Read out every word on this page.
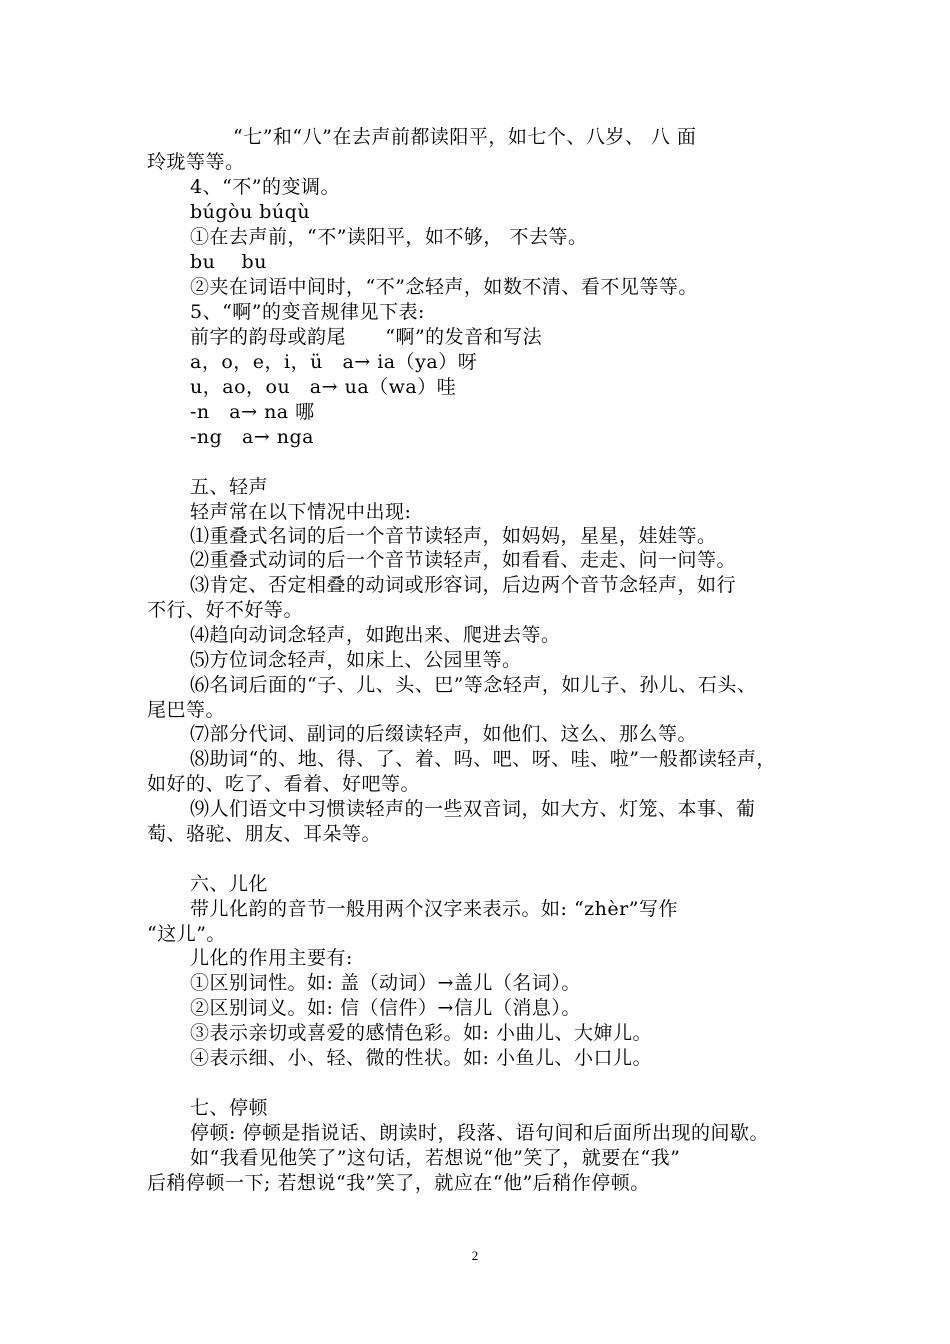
“七”和“八”在去声前都读阳平，如七个、八岁、 八 面
玲珑等等。
4、“不”的变调。
búgòu búqù
①在去声前，“不”读阳平，如不够， 不去等。
bu    bu
②夹在词语中间时，“不”念轻声，如数不清、看不见等等。
5、“啊”的变音规律见下表:
前字的韵母或韵尾      “啊”的发音和写法
a，o，e，i，ü   a→ ia（ya）呀
u，ao，ou   a→ ua（wa）哇
-n   a→ na 哪
-ng   a→ nga
五、轻声
轻声常在以下情况中出现:
⑴重叠式名词的后一个音节读轻声，如妈妈，星星，娃娃等。
⑵重叠式动词的后一个音节读轻声，如看看、走走、问一问等。
⑶肯定、否定相叠的动词或形容词，后边两个音节念轻声，如行
不行、好不好等。
⑷趋向动词念轻声，如跑出来、爬进去等。
⑸方位词念轻声，如床上、公园里等。
⑹名词后面的“子、儿、头、巴”等念轻声，如儿子、孙儿、石头、
尾巴等。
⑺部分代词、副词的后缀读轻声，如他们、这么、那么等。
⑻助词“的、地、得、了、着、吗、吧、呀、哇、啦”一般都读轻声，
如好的、吃了、看着、好吧等。
⑼人们语文中习惯读轻声的一些双音词，如大方、灯笼、本事、葡
萄、骆驼、朋友、耳朵等。
六、儿化
带儿化韵的音节一般用两个汉字来表示。如: “zhèr”写作
“这儿”。
儿化的作用主要有:
①区别词性。如: 盖（动词）→盖儿（名词）。
②区别词义。如: 信（信件）→信儿（消息）。
③表示亲切或喜爱的感情色彩。如: 小曲儿、大婶儿。
④表示细、小、轻、微的性状。如: 小鱼儿、小口儿。
七、停顿
停顿: 停顿是指说话、朗读时，段落、语句间和后面所出现的间歇。
如“我看见他笑了”这句话，若想说“他”笑了，就要在“我”
后稍停顿一下; 若想说“我”笑了，就应在“他”后稍作停顿。
2
